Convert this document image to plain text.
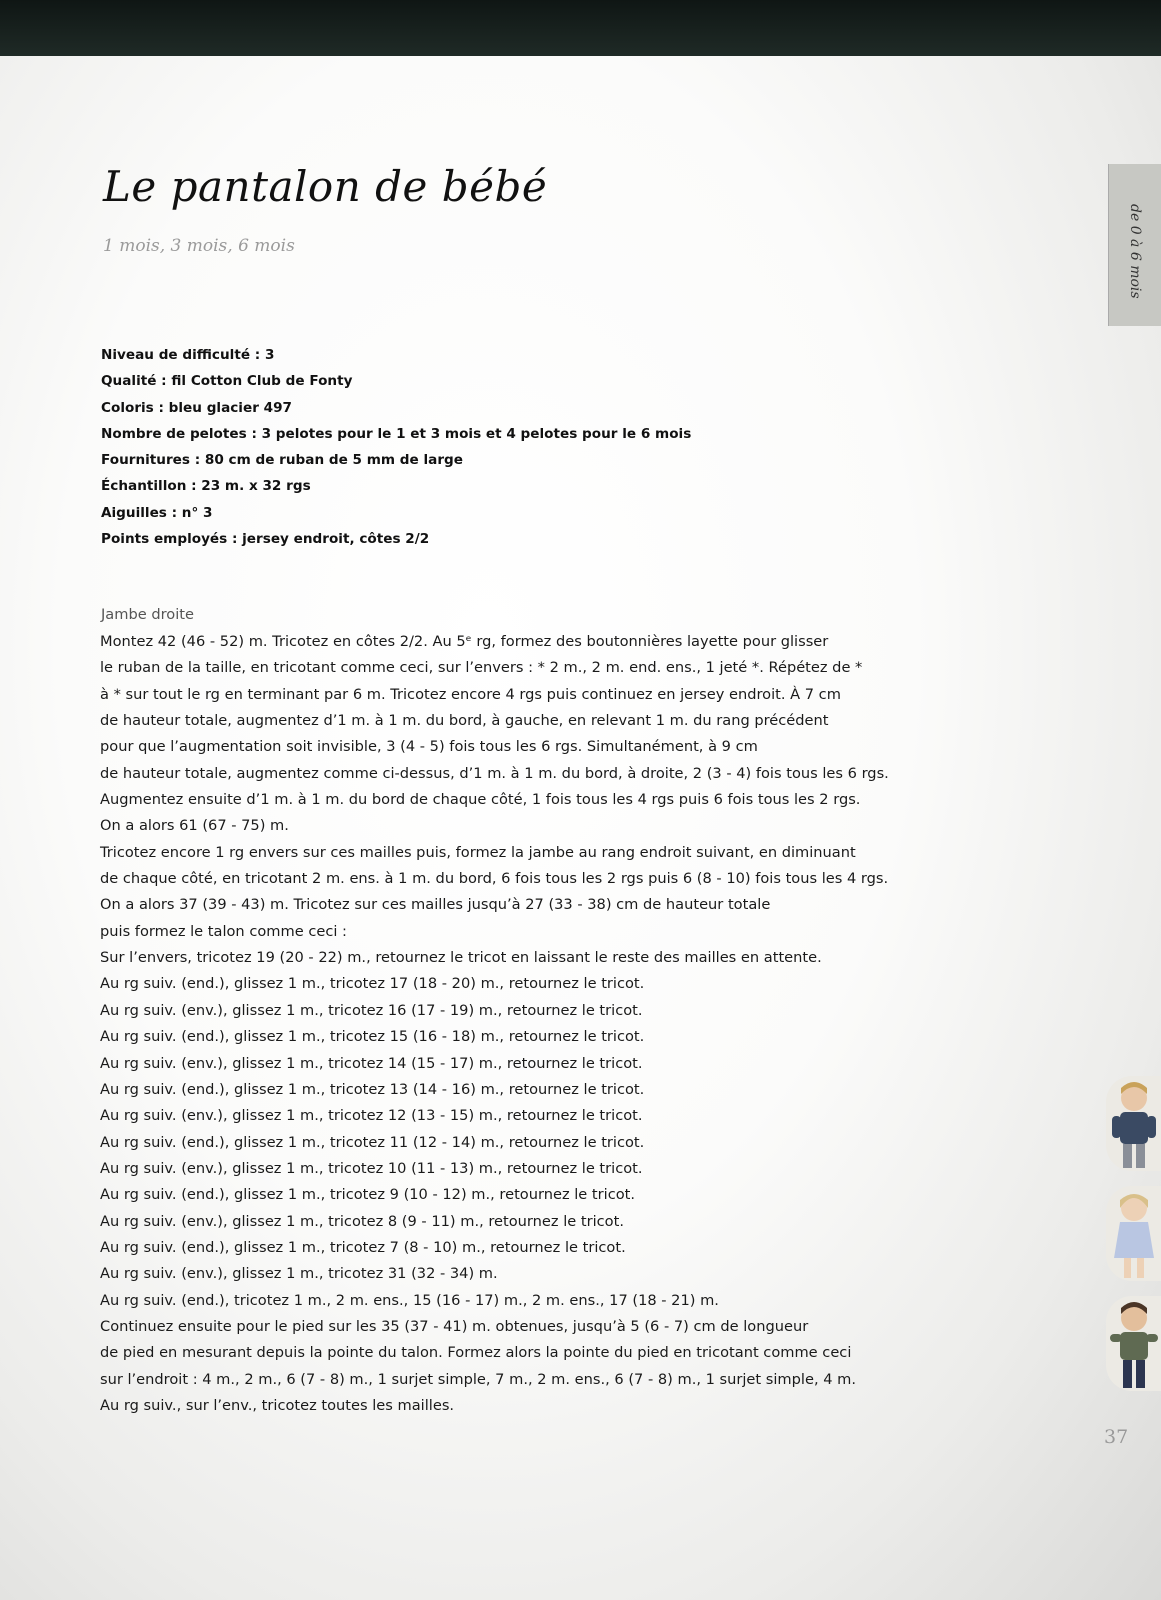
Le pantalon de bébé
1 mois, 3 mois, 6 mois
Niveau de difficulté : 3
Qualité : fil Cotton Club de Fonty
Coloris : bleu glacier 497
Nombre de pelotes : 3 pelotes pour le 1 et 3 mois et 4 pelotes pour le 6 mois
Fournitures : 80 cm de ruban de 5 mm de large
Échantillon : 23 m. x 32 rgs
Aiguilles : n° 3
Points employés : jersey endroit, côtes 2/2
Jambe droite
Montez 42 (46 - 52) m. Tricotez en côtes 2/2. Au 5ᵉ rg, formez des boutonnières layette pour glisser
le ruban de la taille, en tricotant comme ceci, sur l’envers : * 2 m., 2 m. end. ens., 1 jeté *. Répétez de *
à * sur tout le rg en terminant par 6 m. Tricotez encore 4 rgs puis continuez en jersey endroit. À 7 cm
de hauteur totale, augmentez d’1 m. à 1 m. du bord, à gauche, en relevant 1 m. du rang précédent
pour que l’augmentation soit invisible, 3 (4 - 5) fois tous les 6 rgs. Simultanément, à 9 cm
de hauteur totale, augmentez comme ci-dessus, d’1 m. à 1 m. du bord, à droite, 2 (3 - 4) fois tous les 6 rgs.
Augmentez ensuite d’1 m. à 1 m. du bord de chaque côté, 1 fois tous les 4 rgs puis 6 fois tous les 2 rgs.
On a alors 61 (67 - 75) m.
Tricotez encore 1 rg envers sur ces mailles puis, formez la jambe au rang endroit suivant, en diminuant
de chaque côté, en tricotant 2 m. ens. à 1 m. du bord, 6 fois tous les 2 rgs puis 6 (8 - 10) fois tous les 4 rgs.
On a alors 37 (39 - 43) m. Tricotez sur ces mailles jusqu’à 27 (33 - 38) cm de hauteur totale
puis formez le talon comme ceci :
Sur l’envers, tricotez 19 (20 - 22) m., retournez le tricot en laissant le reste des mailles en attente.
Au rg suiv. (end.), glissez 1 m., tricotez 17 (18 - 20) m., retournez le tricot.
Au rg suiv. (env.), glissez 1 m., tricotez 16 (17 - 19) m., retournez le tricot.
Au rg suiv. (end.), glissez 1 m., tricotez 15 (16 - 18) m., retournez le tricot.
Au rg suiv. (env.), glissez 1 m., tricotez 14 (15 - 17) m., retournez le tricot.
Au rg suiv. (end.), glissez 1 m., tricotez 13 (14 - 16) m., retournez le tricot.
Au rg suiv. (env.), glissez 1 m., tricotez 12 (13 - 15) m., retournez le tricot.
Au rg suiv. (end.), glissez 1 m., tricotez 11 (12 - 14) m., retournez le tricot.
Au rg suiv. (env.), glissez 1 m., tricotez 10 (11 - 13) m., retournez le tricot.
Au rg suiv. (end.), glissez 1 m., tricotez 9 (10 - 12) m., retournez le tricot.
Au rg suiv. (env.), glissez 1 m., tricotez 8 (9 - 11) m., retournez le tricot.
Au rg suiv. (end.), glissez 1 m., tricotez 7 (8 - 10) m., retournez le tricot.
Au rg suiv. (env.), glissez 1 m., tricotez 31 (32 - 34) m.
Au rg suiv. (end.), tricotez 1 m., 2 m. ens., 15 (16 - 17) m., 2 m. ens., 17 (18 - 21) m.
Continuez ensuite pour le pied sur les 35 (37 - 41) m. obtenues, jusqu’à 5 (6 - 7) cm de longueur
de pied en mesurant depuis la pointe du talon. Formez alors la pointe du pied en tricotant comme ceci
sur l’endroit : 4 m., 2 m., 6 (7 - 8) m., 1 surjet simple, 7 m., 2 m. ens., 6 (7 - 8) m., 1 surjet simple, 4 m.
Au rg suiv., sur l’env., tricotez toutes les mailles.
de 0 à 6 mois
37
